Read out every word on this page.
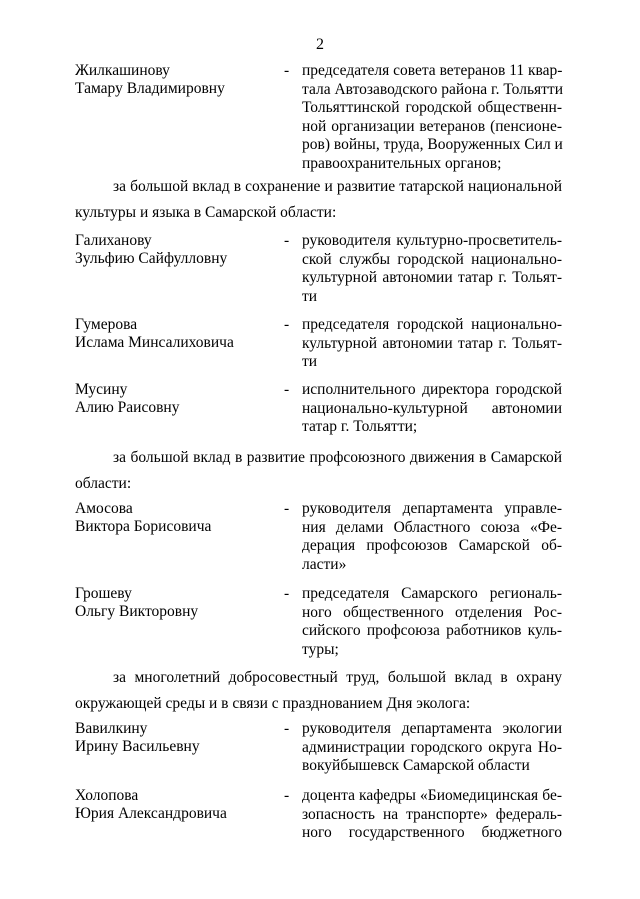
2
Жилкашинову
Тамару Владимировну
- председателя совета ветеранов 11 квар-
тала Автозаводского района г. Тольятти
Тольяттинской городской общественн-
ной организации ветеранов (пенсионе-
ров) войны, труда, Вооруженных Сил и
правоохранительных органов;
за большой вклад в сохранение и развитие татарской национальной
культуры и языка в Самарской области:
Галиханову
Зульфию Сайфулловну
- руководителя культурно-просветитель-
ской службы городской национально-
культурной автономии татар г. Тольят-
ти
Гумерова
Ислама Минсалиховича
- председателя городской национально-
культурной автономии татар г. Тольят-
ти
Мусину
Алию Раисовну
- исполнительного директора городской
национально-культурной автономии
татар г. Тольятти;
за большой вклад в развитие профсоюзного движения в Самарской
области:
Амосова
Виктора Борисовича
- руководителя департамента управле-
ния делами Областного союза «Фе-
дерация профсоюзов Самарской об-
ласти»
Грошеву
Ольгу Викторовну
- председателя Самарского региональ-
ного общественного отделения Рос-
сийского профсоюза работников куль-
туры;
за многолетний добросовестный труд, большой вклад в охрану
окружающей среды и в связи с празднованием Дня эколога:
Вавилкину
Ирину Васильевну
- руководителя департамента экологии
администрации городского округа Но-
вокуйбышевск Самарской области
Холопова
Юрия Александровича
- доцента кафедры «Биомедицинская бе-
зопасность на транспорте» федераль-
ного государственного бюджетного
